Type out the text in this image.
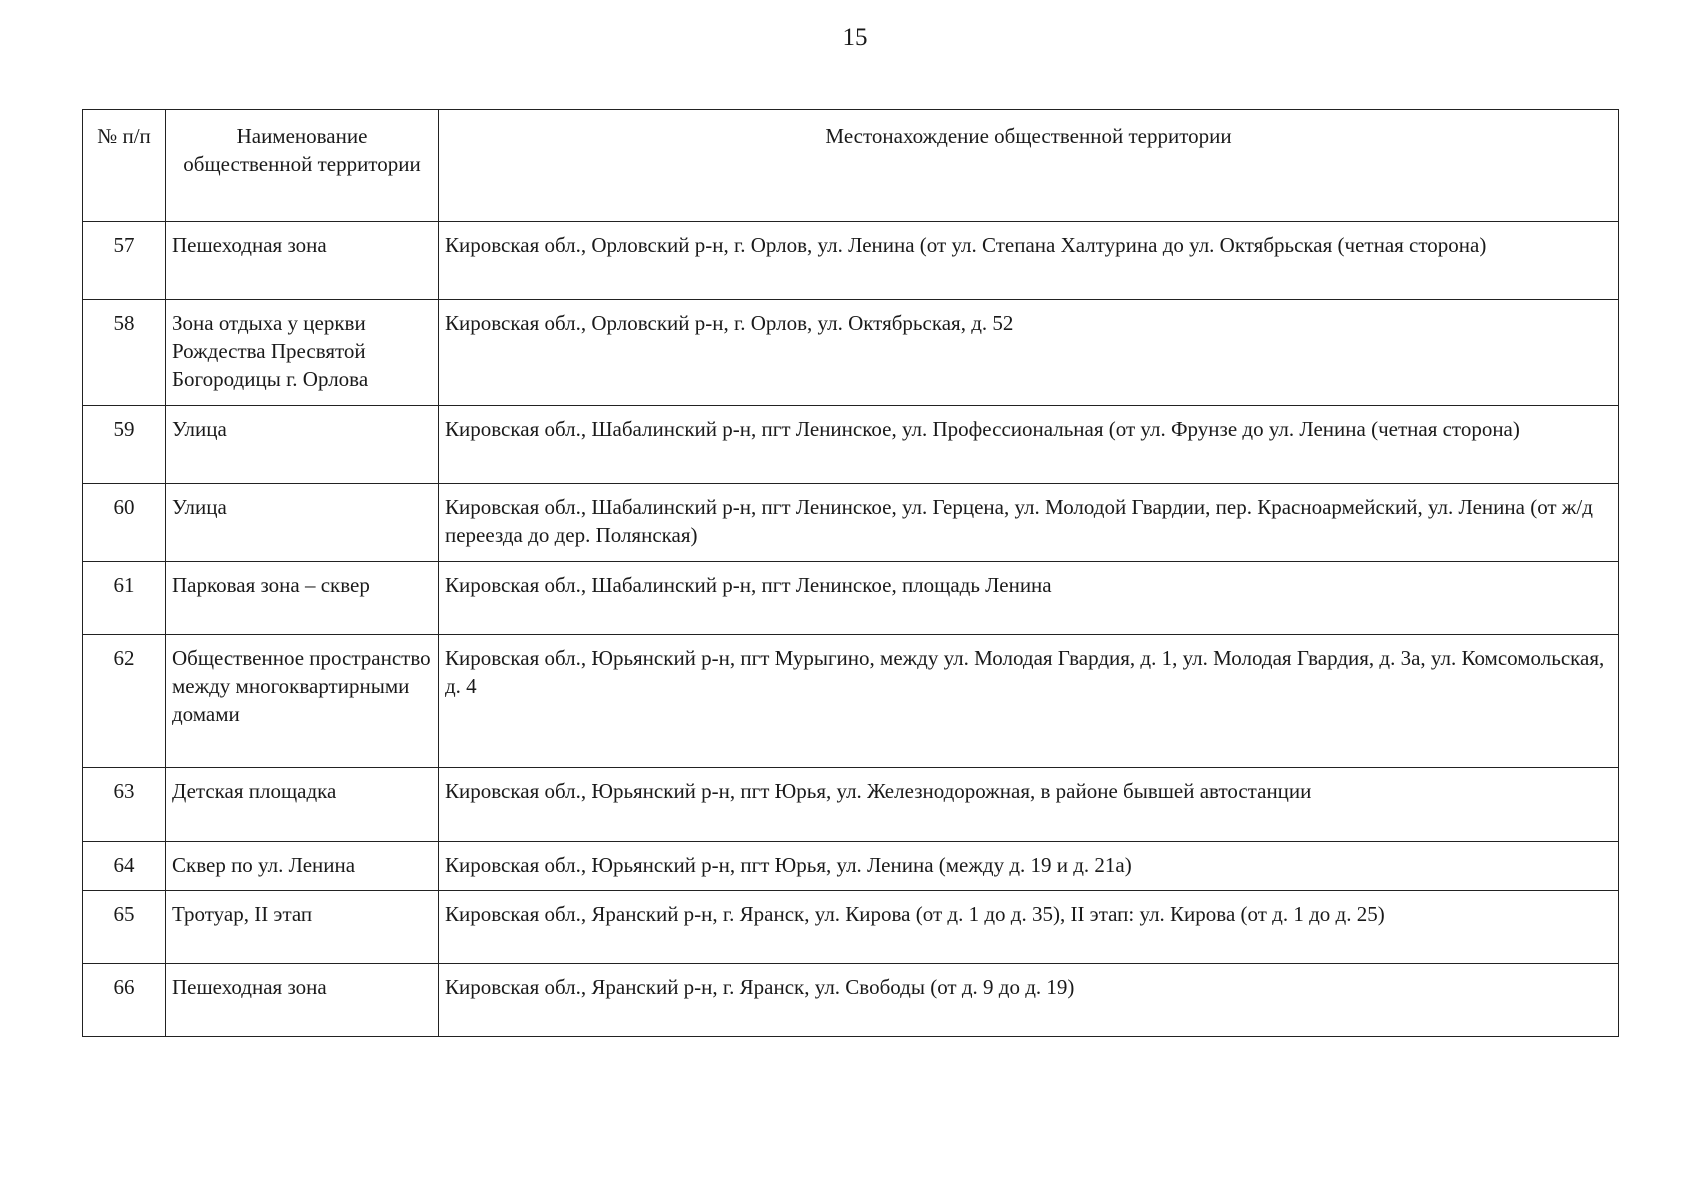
15
№ п/п	Наименование общественной территории	Местонахождение общественной территории
57	Пешеходная зона	Кировская обл., Орловский р-н, г. Орлов, ул. Ленина (от ул. Степана Халтурина до ул. Октябрьская (четная сторона)
58	Зона отдыха у церкви Рождества Пресвятой Богородицы г. Орлова	Кировская обл., Орловский р-н, г. Орлов, ул. Октябрьская, д. 52
59	Улица	Кировская обл., Шабалинский р-н, пгт Ленинское, ул. Профессиональная (от ул. Фрунзе до ул. Ленина (четная сторона)
60	Улица	Кировская обл., Шабалинский р-н, пгт Ленинское, ул. Герцена, ул. Молодой Гвардии, пер. Красноармейский, ул. Ленина (от ж/д переезда до дер. Полянская)
61	Парковая зона – сквер	Кировская обл., Шабалинский р-н, пгт Ленинское, площадь Ленина
62	Общественное пространство между многоквартирными домами	Кировская обл., Юрьянский р-н, пгт Мурыгино, между ул. Молодая Гвардия, д. 1, ул. Молодая Гвардия, д. 3а, ул. Комсомольская, д. 4
63	Детская площадка	Кировская обл., Юрьянский р-н, пгт Юрья, ул. Железнодорожная, в районе бывшей автостанции
64	Сквер по ул. Ленина	Кировская обл., Юрьянский р-н, пгт Юрья, ул. Ленина (между д. 19 и д. 21а)
65	Тротуар, II этап	Кировская обл., Яранский р-н, г. Яранск, ул. Кирова (от д. 1 до д. 35), II этап: ул. Кирова (от д. 1 до д. 25)
66	Пешеходная зона	Кировская обл., Яранский р-н, г. Яранск, ул. Свободы (от д. 9 до д. 19)
